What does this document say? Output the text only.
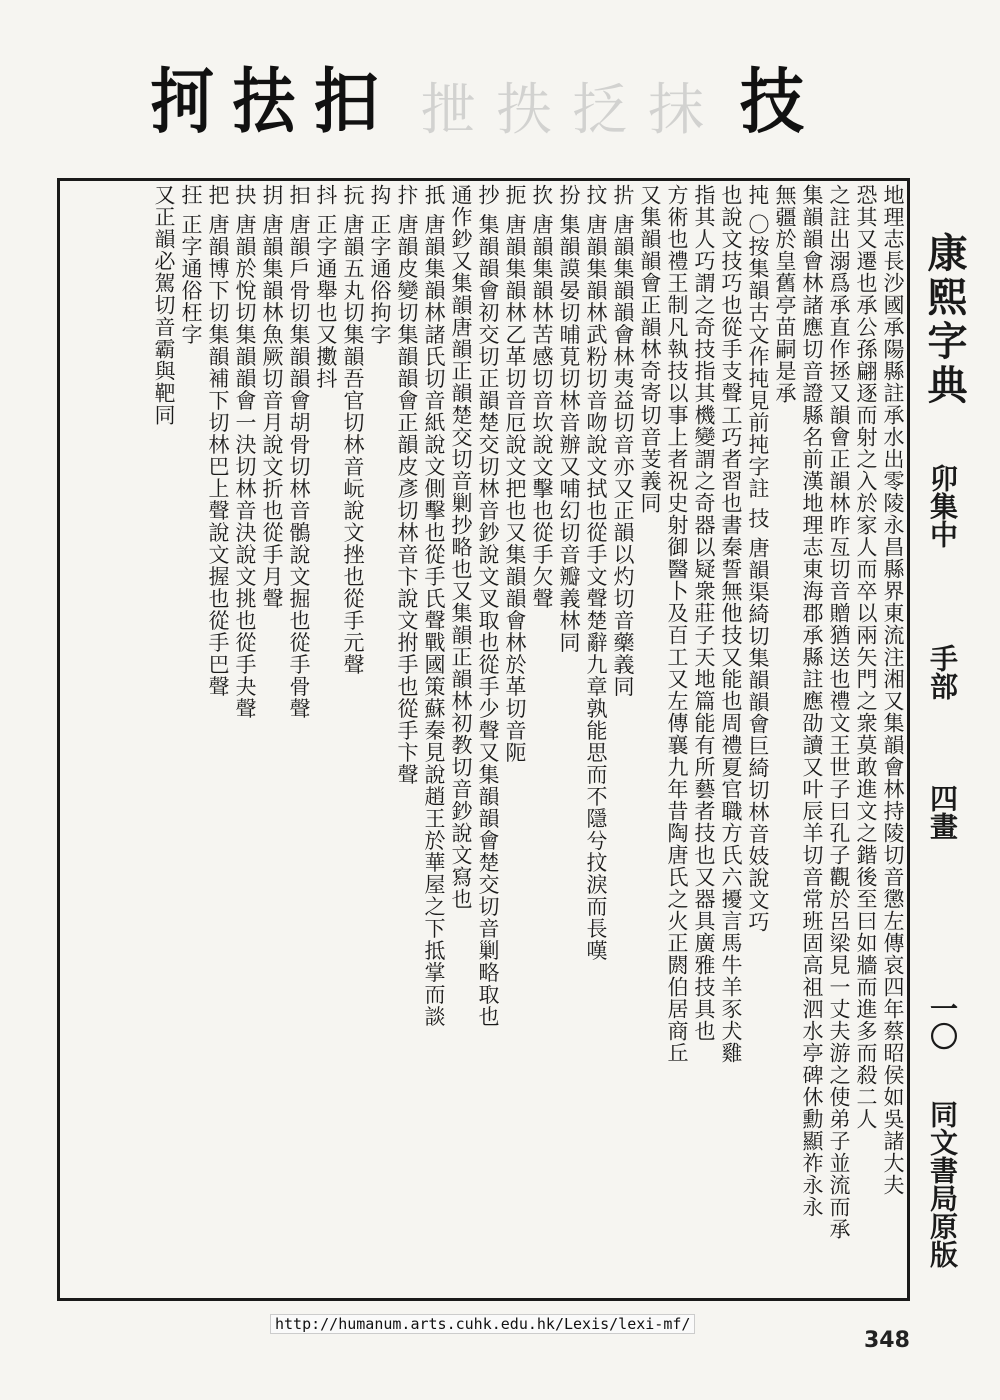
抲 抾 抇 抴 抶 抸 抹 技
地理志長沙國承陽縣註承水出零陵永昌縣界東流注湘又集韻會林持陵切音懲左傳哀四年蔡昭侯如吳諸大夫
恐其又遷也承公孫翩逐而射之入於家人而卒以兩矢門之衆莫敢進文之鍇後至曰如牆而進多而殺二人
之註出溺爲承直作拯又韻會正韻林昨亙切音贈猶送也禮文王世子曰孔子觀於呂梁見一丈夫游之使弟子並流而承
集韻韻會林諸應切音證縣名前漢地理志東海郡承縣註應劭讀又叶辰羊切音常班固高祖泗水亭碑休勳顯祚永永
無疆於皇舊亭苗嗣是承
扽 〇按集韻古文作扽見前扽字註 技 唐韻渠綺切集韻韻會巨綺切林音妓說文巧
也說文技巧也從手支聲工巧者習也書秦誓無他技又能也周禮夏官職方氏六擾言馬牛羊豕犬雞
指其人巧謂之奇技指其機變謂之奇器以疑衆莊子天地篇能有所藝者技也又器具廣雅技具也
方術也禮王制凡執技以事上者祝史射御醫卜及百工又左傳襄九年昔陶唐氏之火正閼伯居商丘
又集韻韻會正韻林奇寄切音芰義同
扸 唐韻集韻韻會林夷益切音亦又正韻以灼切音藥義同
抆 唐韻集韻林武粉切音吻說文拭也從手文聲楚辭九章孰能思而不隱兮抆淚而長嘆
扮 集韻謨晏切晡莧切林音辦又哺幻切音瓣義林同
扻 唐韻集韻林苦感切音坎說文擊也從手欠聲
扼 唐韻集韻林乙革切音厄說文把也又集韻韻會林於革切音阨
抄 集韻韻會初交切正韻楚交切林音鈔說文叉取也從手少聲又集韻韻會楚交切音剿略取也
通作鈔又集韻唐韻正韻楚交切音剿抄略也又集韻正韻林初教切音鈔說文寫也
扺 唐韻集韻林諸氏切音紙說文側擊也從手氏聲戰國策蘇秦見說趙王於華屋之下抵掌而談
抃 唐韻皮變切集韻韻會正韻皮彥切林音卞說文拊手也從手卞聲
抅 正字通俗拘字
抏 唐韻五丸切集韻吾官切林音岏說文挫也從手元聲
抖 正字通舉也又擻抖
抇 唐韻戶骨切集韻韻會胡骨切林音鶻說文掘也從手骨聲
抈 唐韻集韻林魚厥切音月說文折也從手月聲
抉 唐韻於悅切集韻韻會一決切林音決說文挑也從手夬聲
把 唐韻博下切集韻補下切林巴上聲說文握也從手巴聲
抂 正字通俗枉字
又正韻必駕切音霸與靶同	康熙字典
卯集中
手部
四畫
一〇
同文書局原版
http://humanum.arts.cuhk.edu.hk/Lexis/lexi-mf/
348
